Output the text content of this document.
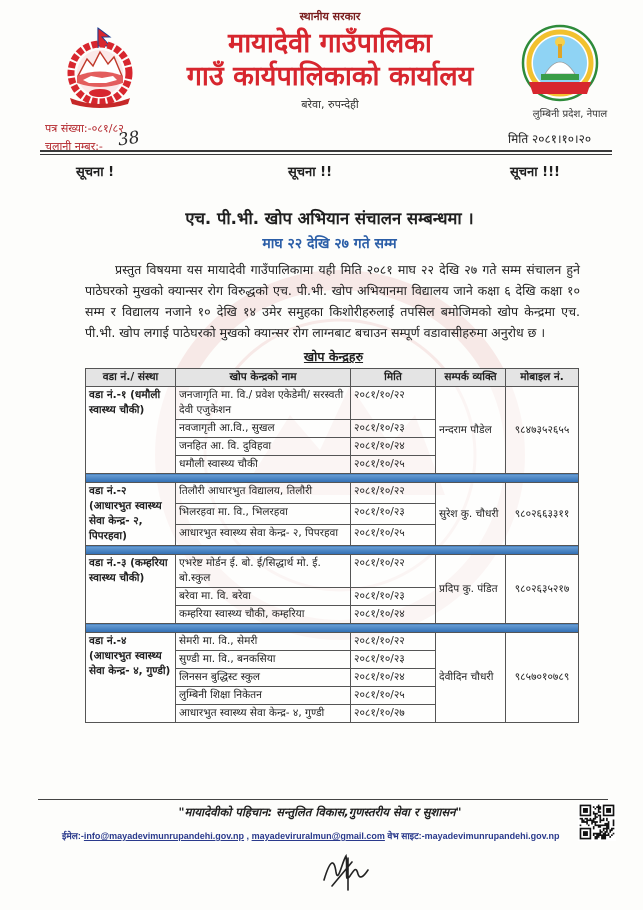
स्थानीय सरकार
मायादेवी गाउँपालिका
गाउँ कार्यपालिकाको कार्यालय
बरेवा, रुपन्देही
लुम्बिनी प्रदेश, नेपाल
पत्र संख्या:-०८१/८२
चलानी नम्बर:- 38	मिति २०८१।१०।२०
सूचना !	सूचना !!	सूचना !!!
एच. पी.भी. खोप अभियान संचालन सम्बन्धमा ।
माघ २२ देखि २७ गते सम्म

प्रस्तुत विषयमा यस मायादेवी गाउँपालिकामा यही मिति २०८१ माघ २२ देखि २७ गते सम्म संचालन हुने पाठेघरको मुखको क्यान्सर रोग विरुद्धको एच. पी.भी. खोप अभियानमा विद्यालय जाने कक्षा ६ देखि कक्षा १० सम्म र विद्यालय नजाने १० देखि १४ उमेर समुहका किशोरीहरुलाई तपसिल बमोजिमको खोप केन्द्रमा एच. पी.भी. खोप लगाई पाठेघरको मुखको क्यान्सर रोग लाग्नबाट बचाउन सम्पूर्ण वडावासीहरुमा अनुरोध छ ।

खोप केन्द्रहरु
वडा नं./ संस्था	खोप केन्द्रको नाम	मिति	सम्पर्क व्यक्ति	मोबाइल नं.
वडा नं.-१ (धमौली स्वास्थ्य चौकी)	जनजागृति मा. वि./ प्रवेश एकेडेमी/ सरस्वती देवी एजुकेशन	२०८१/१०/२२	नन्दराम पौडेल	९८४७३५२६५५
	नवजागृती आ.वि., सुखल	२०८१/१०/२३		
	जनहित आ. वि. दुविहवा	२०८१/१०/२४		
	धमौली स्वास्थ्य चौकी	२०८१/१०/२५		

वडा नं.-२ (आधारभुत स्वास्थ्य सेवा केन्द्र- २, पिपरहवा)	तिलौरी आधारभुत विद्यालय, तिलौरी	२०८१/१०/२२	सुरेश कु. चौधरी	९८०२६६३३११
	भिलरहवा मा. वि., भिलरहवा	२०८१/१०/२३		
	आधारभुत स्वास्थ्य सेवा केन्द्र- २, पिपरहवा	२०८१/१०/२५		

वडा नं.-३ (कम्हरिया स्वास्थ्य चौकी)	एभरेष्ट मोर्डन ई. बो. ई/सिद्धार्थ मो. ई. बो.स्कुल	२०८१/१०/२२	प्रदिप कु. पंडित	९८०२६३५२१७
	बरेवा मा. वि. बरेवा	२०८१/१०/२३		
	कम्हरिया स्वास्थ्य चौकी, कम्हरिया	२०८१/१०/२४		

वडा नं.-४ (आधारभुत स्वास्थ्य सेवा केन्द्र- ४, गुण्डी)	सेमरी मा. वि., सेमरी	२०८१/१०/२२	देवीदिन चौधरी	९८५७०१०७८९
	सुण्डी मा. वि., बनकसिया	२०८१/१०/२३		
	लिनसन बुद्धिस्ट स्कुल	२०८१/१०/२४		
	लुम्बिनी शिक्षा निकेतन	२०८१/१०/२५		
	आधारभुत स्वास्थ्य सेवा केन्द्र- ४, गुण्डी	२०८१/१०/२७		
"मायादेवीको पहिचान: सन्तुलित विकास,गुणस्तरीय सेवा र सुशासन"
ईमेल:-info@mayadevimunrupandehi.gov.np , mayadeviruralmun@gmail.com वेभ साइट:-mayadevimunrupandehi.gov.np
